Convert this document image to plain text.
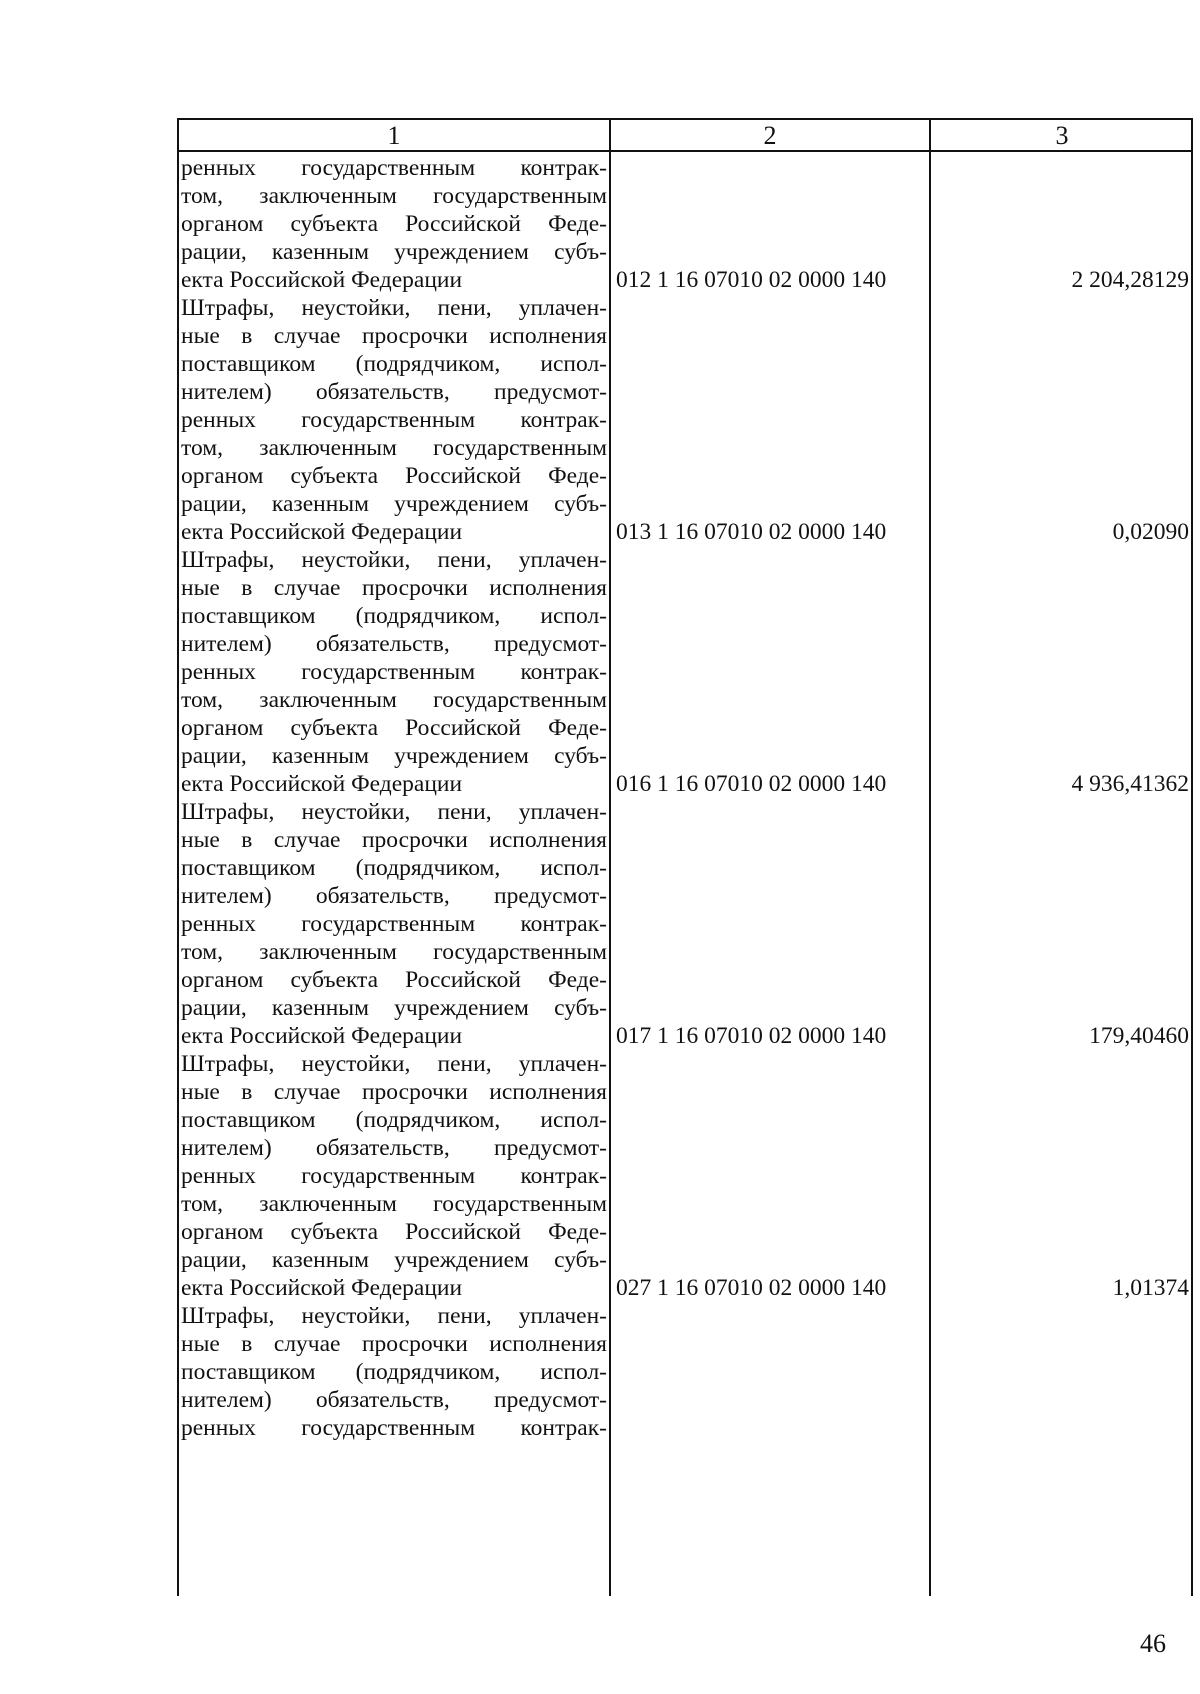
1	2	3
ренных государственным контрак-
том, заключенным государственным
органом субъекта Российской Феде-
рации, казенным учреждением субъ-
екта Российской Федерации
Штрафы, неустойки, пени, уплачен-
ные в случае просрочки исполнения
поставщиком (подрядчиком, испол-
нителем) обязательств, предусмот-
ренных государственным контрак-
том, заключенным государственным
органом субъекта Российской Феде-
рации, казенным учреждением субъ-
екта Российской Федерации
Штрафы, неустойки, пени, уплачен-
ные в случае просрочки исполнения
поставщиком (подрядчиком, испол-
нителем) обязательств, предусмот-
ренных государственным контрак-
том, заключенным государственным
органом субъекта Российской Феде-
рации, казенным учреждением субъ-
екта Российской Федерации
Штрафы, неустойки, пени, уплачен-
ные в случае просрочки исполнения
поставщиком (подрядчиком, испол-
нителем) обязательств, предусмот-
ренных государственным контрак-
том, заключенным государственным
органом субъекта Российской Феде-
рации, казенным учреждением субъ-
екта Российской Федерации
Штрафы, неустойки, пени, уплачен-
ные в случае просрочки исполнения
поставщиком (подрядчиком, испол-
нителем) обязательств, предусмот-
ренных государственным контрак-
том, заключенным государственным
органом субъекта Российской Феде-
рации, казенным учреждением субъ-
екта Российской Федерации
Штрафы, неустойки, пени, уплачен-
ные в случае просрочки исполнения
поставщиком (подрядчиком, испол-
нителем) обязательств, предусмот-
ренных государственным контрак-
012 1 16 07010 02 0000 140
013 1 16 07010 02 0000 140
016 1 16 07010 02 0000 140
017 1 16 07010 02 0000 140
027 1 16 07010 02 0000 140
2 204,28129
0,02090
4 936,41362
179,40460
1,01374
46
